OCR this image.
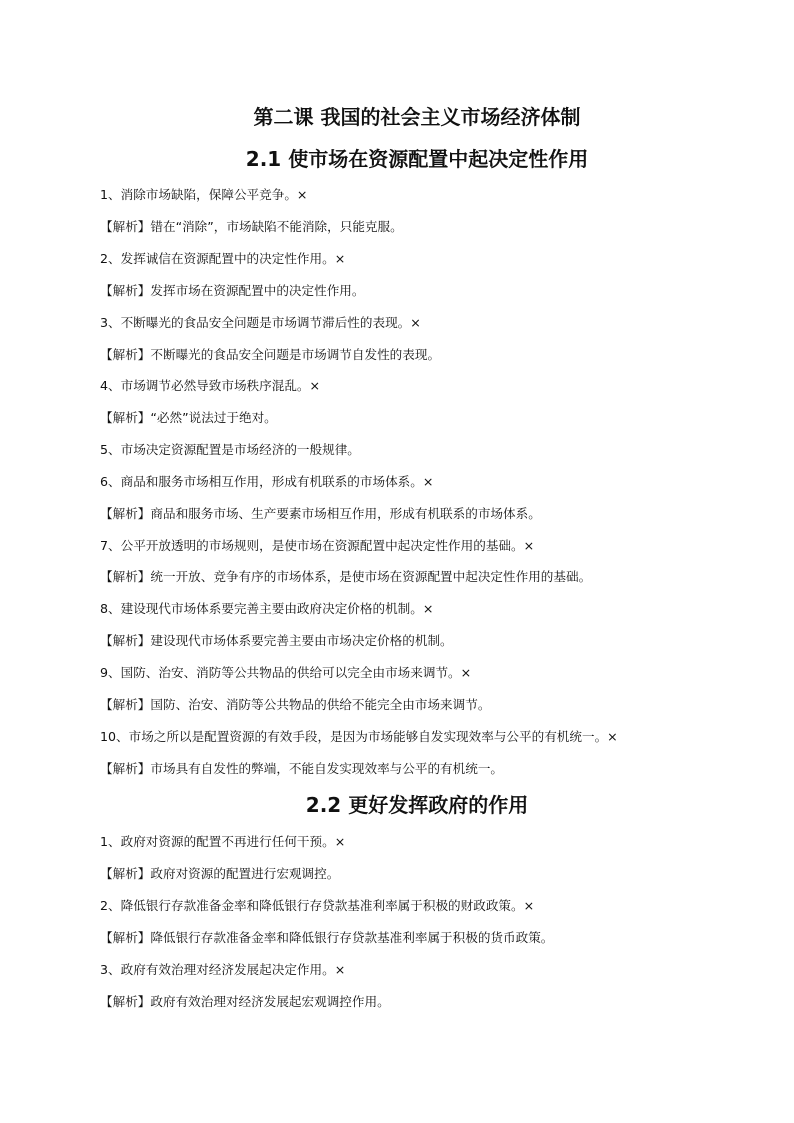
第二课 我国的社会主义市场经济体制
2.1 使市场在资源配置中起决定性作用
1、消除市场缺陷，保障公平竞争。×
【解析】错在“消除”，市场缺陷不能消除，只能克服。
2、发挥诚信在资源配置中的决定性作用。×
【解析】发挥市场在资源配置中的决定性作用。
3、不断曝光的食品安全问题是市场调节滞后性的表现。×
【解析】不断曝光的食品安全问题是市场调节自发性的表现。
4、市场调节必然导致市场秩序混乱。×
【解析】“必然”说法过于绝对。
5、市场决定资源配置是市场经济的一般规律。
6、商品和服务市场相互作用，形成有机联系的市场体系。×
【解析】商品和服务市场、生产要素市场相互作用，形成有机联系的市场体系。
7、公平开放透明的市场规则，是使市场在资源配置中起决定性作用的基础。×
【解析】统一开放、竞争有序的市场体系，是使市场在资源配置中起决定性作用的基础。
8、建设现代市场体系要完善主要由政府决定价格的机制。×
【解析】建设现代市场体系要完善主要由市场决定价格的机制。
9、国防、治安、消防等公共物品的供给可以完全由市场来调节。×
【解析】国防、治安、消防等公共物品的供给不能完全由市场来调节。
10、市场之所以是配置资源的有效手段，是因为市场能够自发实现效率与公平的有机统一。×
【解析】市场具有自发性的弊端，不能自发实现效率与公平的有机统一。
2.2 更好发挥政府的作用
1、政府对资源的配置不再进行任何干预。×
【解析】政府对资源的配置进行宏观调控。
2、降低银行存款准备金率和降低银行存贷款基准利率属于积极的财政政策。×
【解析】降低银行存款准备金率和降低银行存贷款基准利率属于积极的货币政策。
3、政府有效治理对经济发展起决定作用。×
【解析】政府有效治理对经济发展起宏观调控作用。
